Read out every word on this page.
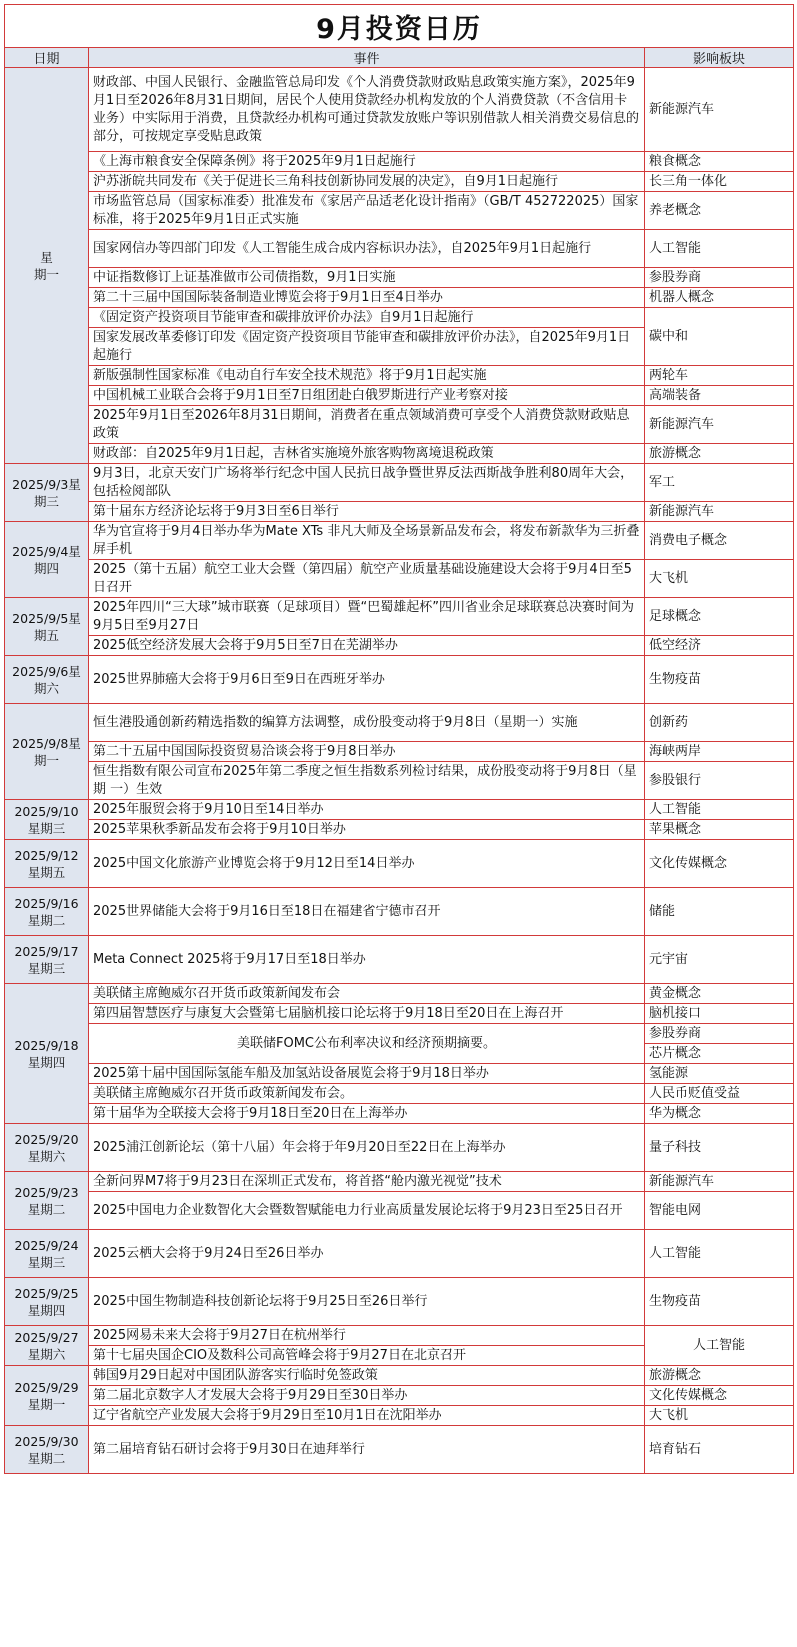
9月投资日历		
日期	事件	影响板块

星
期一	财政部、中国人民银行、金融监管总局印发《个人消费贷款财政贴息政策实施方案》，2025年9月1日至2026年8月31日期间，居民个人使用贷款经办机构发放的个人消费贷款（不含信用卡业务）中实际用于消费，且贷款经办机构可通过贷款发放账户等识别借款人相关消费交易信息的部分，可按规定享受贴息政策	新能源汽车
	《上海市粮食安全保障条例》将于2025年9月1日起施行	粮食概念
	沪苏浙皖共同发布《关于促进长三角科技创新协同发展的决定》，自9月1日起施行	长三角一体化
	市场监管总局（国家标准委）批准发布《家居产品适老化设计指南》（GB/T 452722025）国家标准，将于2025年9月1日正式实施	养老概念
	国家网信办等四部门印发《人工智能生成合成内容标识办法》，自2025年9月1日起施行	人工智能
	中证指数修订上证基准做市公司债指数，9月1日实施	参股券商
	第二十三届中国国际装备制造业博览会将于9月1日至4日举办	机器人概念
	《固定资产投资项目节能审查和碳排放评价办法》自9月1日起施行	碳中和
	国家发展改革委修订印发《固定资产投资项目节能审查和碳排放评价办法》，自2025年9月1日起施行	
	新版强制性国家标准《电动自行车安全技术规范》将于9月1日起实施	两轮车
	中国机械工业联合会将于9月1日至7日组团赴白俄罗斯进行产业考察对接	高端装备
	2025年9月1日至2026年8月31日期间，消费者在重点领域消费可享受个人消费贷款财政贴息政策	新能源汽车
	财政部：自2025年9月1日起，吉林省实施境外旅客购物离境退税政策	旅游概念

2025/9/3星
期三	9月3日，北京天安门广场将举行纪念中国人民抗日战争暨世界反法西斯战争胜利80周年大会，包括检阅部队	军工
	第十届东方经济论坛将于9月3日至6日举行	新能源汽车

2025/9/4星
期四	华为官宣将于9月4日举办华为Mate XTs 非凡大师及全场景新品发布会，将发布新款华为三折叠屏手机	消费电子概念
	2025（第十五届）航空工业大会暨（第四届）航空产业质量基础设施建设大会将于9月4日至5日召开	大飞机

2025/9/5星
期五	2025年四川“三大球”城市联赛（足球项目）暨“巴蜀雄起杯”四川省业余足球联赛总决赛时间为9月5日至9月27日	足球概念
	2025低空经济发展大会将于9月5日至7日在芜湖举办	低空经济

2025/9/6星
期六	2025世界肺癌大会将于9月6日至9日在西班牙举办	生物疫苗

2025/9/8星
期一	恒生港股通创新药精选指数的编算方法调整，成份股变动将于9月8日（星期一）实施	创新药
	第二十五届中国国际投资贸易洽谈会将于9月8日举办	海峡两岸
	恒生指数有限公司宣布2025年第二季度之恒生指数系列检讨结果，成份股变动将于9月8日（星期 一）生效	参股银行

2025/9/10
星期三	2025年服贸会将于9月10日至14日举办	人工智能
	2025苹果秋季新品发布会将于9月10日举办	苹果概念

2025/9/12
星期五	2025中国文化旅游产业博览会将于9月12日至14日举办	文化传媒概念

2025/9/16
星期二	2025世界储能大会将于9月16日至18日在福建省宁德市召开	储能

2025/9/17
星期三	Meta Connect 2025将于9月17日至18日举办	元宇宙

2025/9/18
星期四	美联储主席鲍威尔召开货币政策新闻发布会	黄金概念
	第四届智慧医疗与康复大会暨第七届脑机接口论坛将于9月18日至20日在上海召开	脑机接口
	美联储FOMC公布利率决议和经济预期摘要。	参股券商
		芯片概念
	2025第十届中国国际氢能车船及加氢站设备展览会将于9月18日举办	氢能源
	美联储主席鲍威尔召开货币政策新闻发布会。	人民币贬值受益
	第十届华为全联接大会将于9月18日至20日在上海举办	华为概念

2025/9/20
星期六	2025浦江创新论坛（第十八届）年会将于年9月20日至22日在上海举办	量子科技

2025/9/23
星期二	全新问界M7将于9月23日在深圳正式发布，将首搭“舱内激光视觉”技术	新能源汽车
	2025中国电力企业数智化大会暨数智赋能电力行业高质量发展论坛将于9月23日至25日召开	智能电网

2025/9/24
星期三	2025云栖大会将于9月24日至26日举办	人工智能

2025/9/25
星期四	2025中国生物制造科技创新论坛将于9月25日至26日举行	生物疫苗

2025/9/27
星期六	2025网易未来大会将于9月27日在杭州举行	人工智能
	第十七届央国企CIO及数科公司高管峰会将于9月27日在北京召开	

2025/9/29
星期一	韩国9月29日起对中国团队游客实行临时免签政策	旅游概念
	第二届北京数字人才发展大会将于9月29日至30日举办	文化传媒概念
	辽宁省航空产业发展大会将于9月29日至10月1日在沈阳举办	大飞机

2025/9/30
星期二	第二届培育钻石研讨会将于9月30日在迪拜举行	培育钻石
